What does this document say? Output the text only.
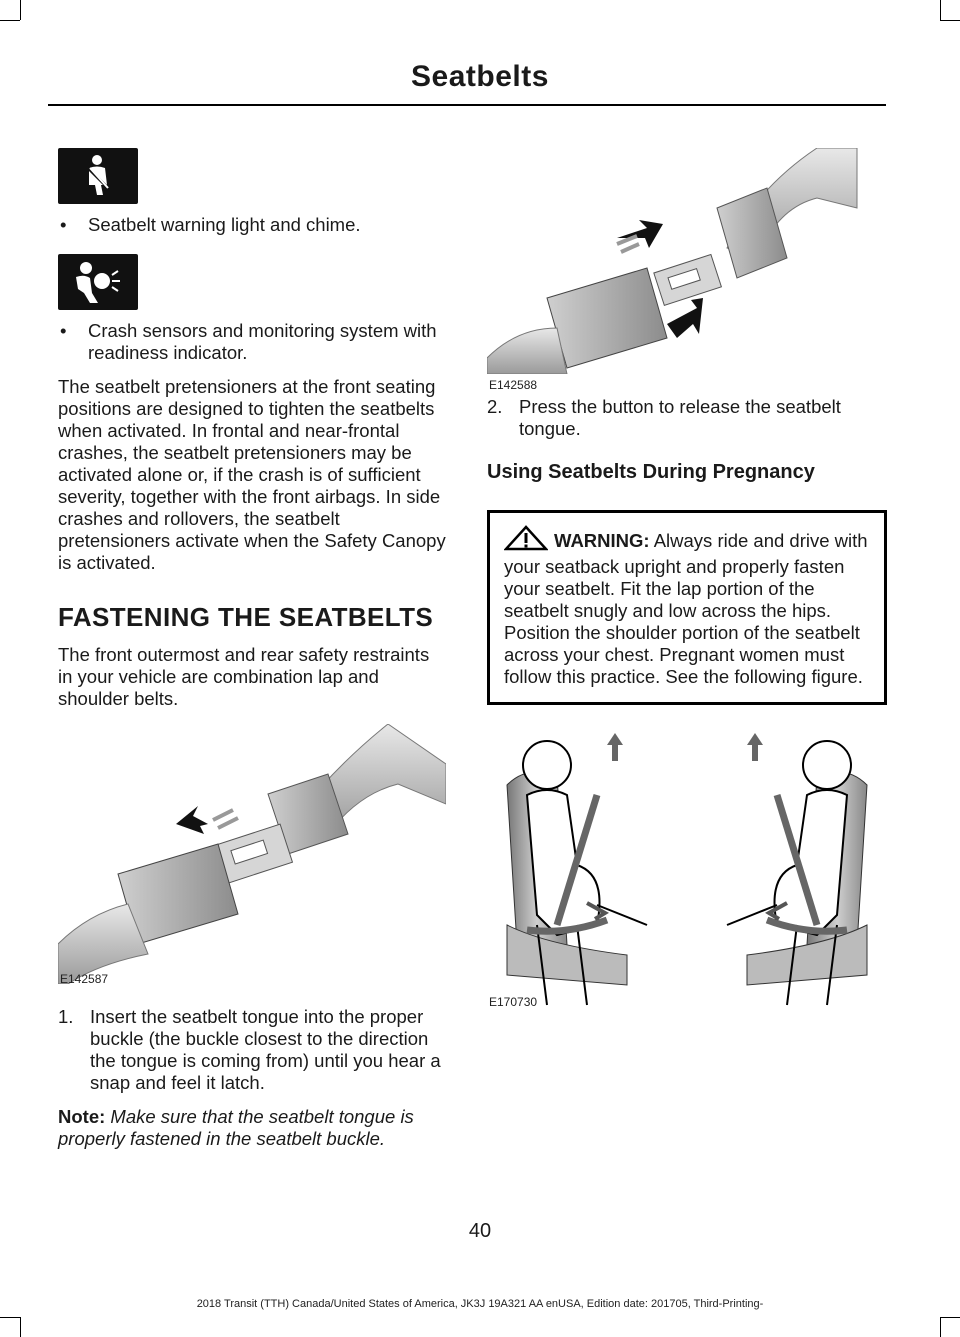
Seatbelts
• Seatbelt warning light and chime.
• Crash sensors and monitoring system with readiness indicator.

The seatbelt pretensioners at the front seating positions are designed to tighten the seatbelts when activated. In frontal and near-frontal crashes, the seatbelt pretensioners may be activated alone or, if the crash is of sufficient severity, together with the front airbags. In side crashes and rollovers, the seatbelt pretensioners activate when the Safety Canopy is activated.

FASTENING THE SEATBELTS

The front outermost and rear safety restraints in your vehicle are combination lap and shoulder belts.

E142587
1. Insert the seatbelt tongue into the proper buckle (the buckle closest to the direction the tongue is coming from) until you hear a snap and feel it latch.

Note: Make sure that the seatbelt tongue is properly fastened in the seatbelt buckle.

E142588
2. Press the button to release the seatbelt tongue.
Using Seatbelts During Pregnancy
WARNING: Always ride and drive with your seatback upright and properly fasten your seatbelt. Fit the lap portion of the seatbelt snugly and low across the hips. Position the shoulder portion of the seatbelt across your chest. Pregnant women must follow this practice. See the following figure.
E170730
40
2018 Transit (TTH) Canada/United States of America, JK3J 19A321 AA enUSA, Edition date: 201705, Third-Printing-
